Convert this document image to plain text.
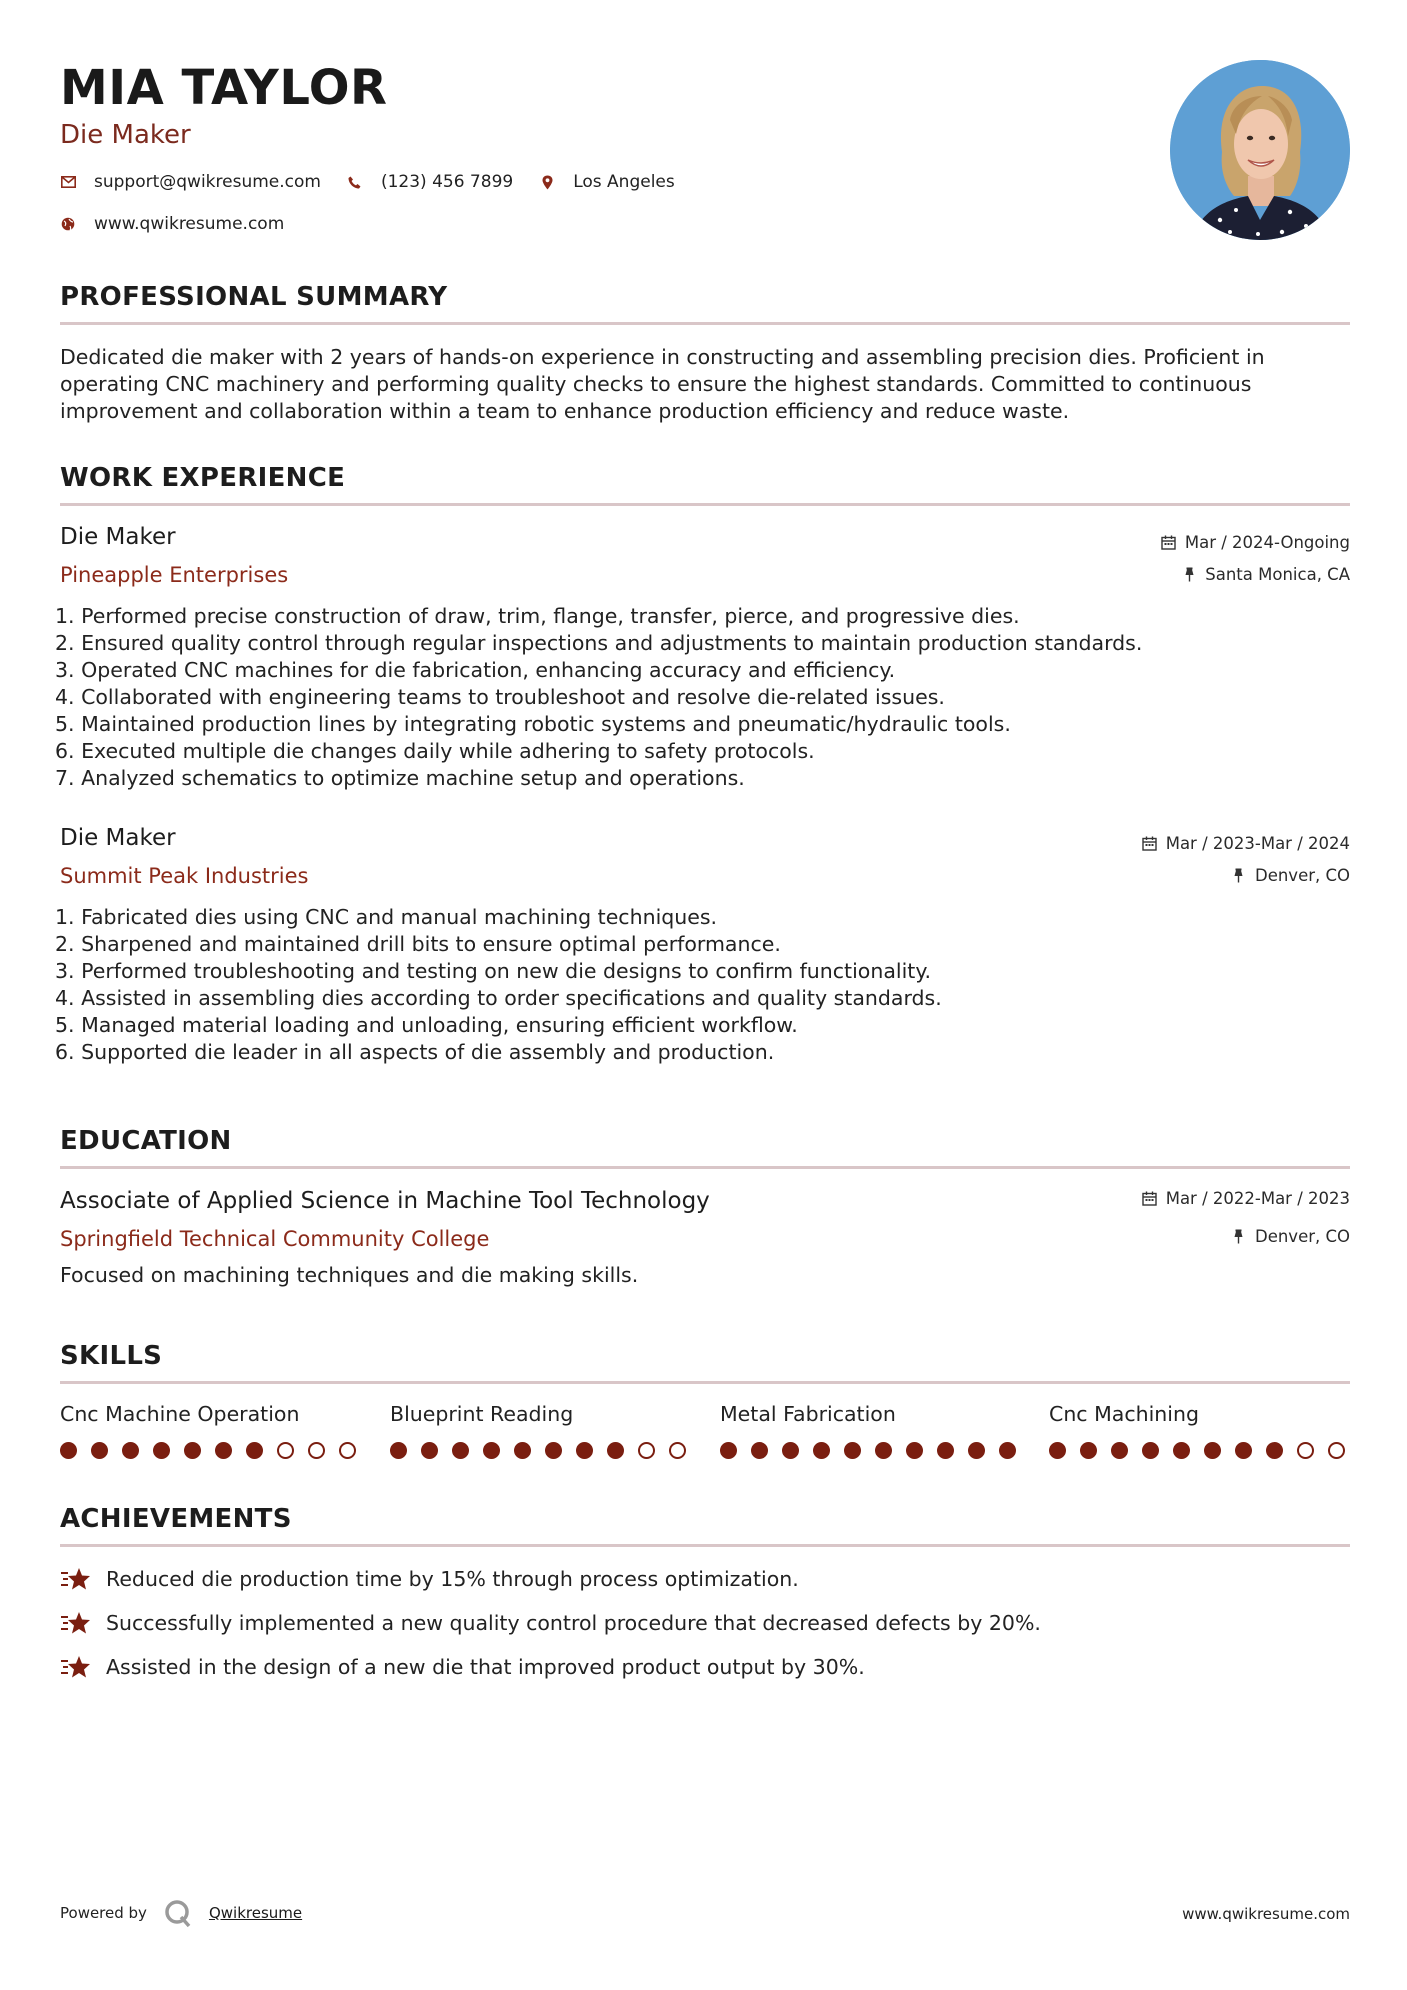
MIA TAYLOR
Die Maker
support@qwikresume.com	(123) 456 7899	Los Angeles
www.qwikresume.com
PROFESSIONAL SUMMARY
Dedicated die maker with 2 years of hands-on experience in constructing and assembling precision dies. Proficient in operating CNC machinery and performing quality checks to ensure the highest standards. Committed to continuous improvement and collaboration within a team to enhance production efficiency and reduce waste.
WORK EXPERIENCE
Die Maker
Pineapple Enterprises
Mar / 2024-Ongoing
Santa Monica, CA
1. Performed precise construction of draw, trim, flange, transfer, pierce, and progressive dies.
2. Ensured quality control through regular inspections and adjustments to maintain production standards.
3. Operated CNC machines for die fabrication, enhancing accuracy and efficiency.
4. Collaborated with engineering teams to troubleshoot and resolve die-related issues.
5. Maintained production lines by integrating robotic systems and pneumatic/hydraulic tools.
6. Executed multiple die changes daily while adhering to safety protocols.
7. Analyzed schematics to optimize machine setup and operations.
Die Maker
Summit Peak Industries
Mar / 2023-Mar / 2024
Denver, CO
1. Fabricated dies using CNC and manual machining techniques.
2. Sharpened and maintained drill bits to ensure optimal performance.
3. Performed troubleshooting and testing on new die designs to confirm functionality.
4. Assisted in assembling dies according to order specifications and quality standards.
5. Managed material loading and unloading, ensuring efficient workflow.
6. Supported die leader in all aspects of die assembly and production.
EDUCATION
Associate of Applied Science in Machine Tool Technology
Springfield Technical Community College
Mar / 2022-Mar / 2023
Denver, CO
Focused on machining techniques and die making skills.
SKILLS
Cnc Machine Operation	Blueprint Reading	Metal Fabrication	Cnc Machining
ACHIEVEMENTS
Reduced die production time by 15% through process optimization.
Successfully implemented a new quality control procedure that decreased defects by 20%.
Assisted in the design of a new die that improved product output by 30%.
Powered by	Qwikresume	www.qwikresume.com
